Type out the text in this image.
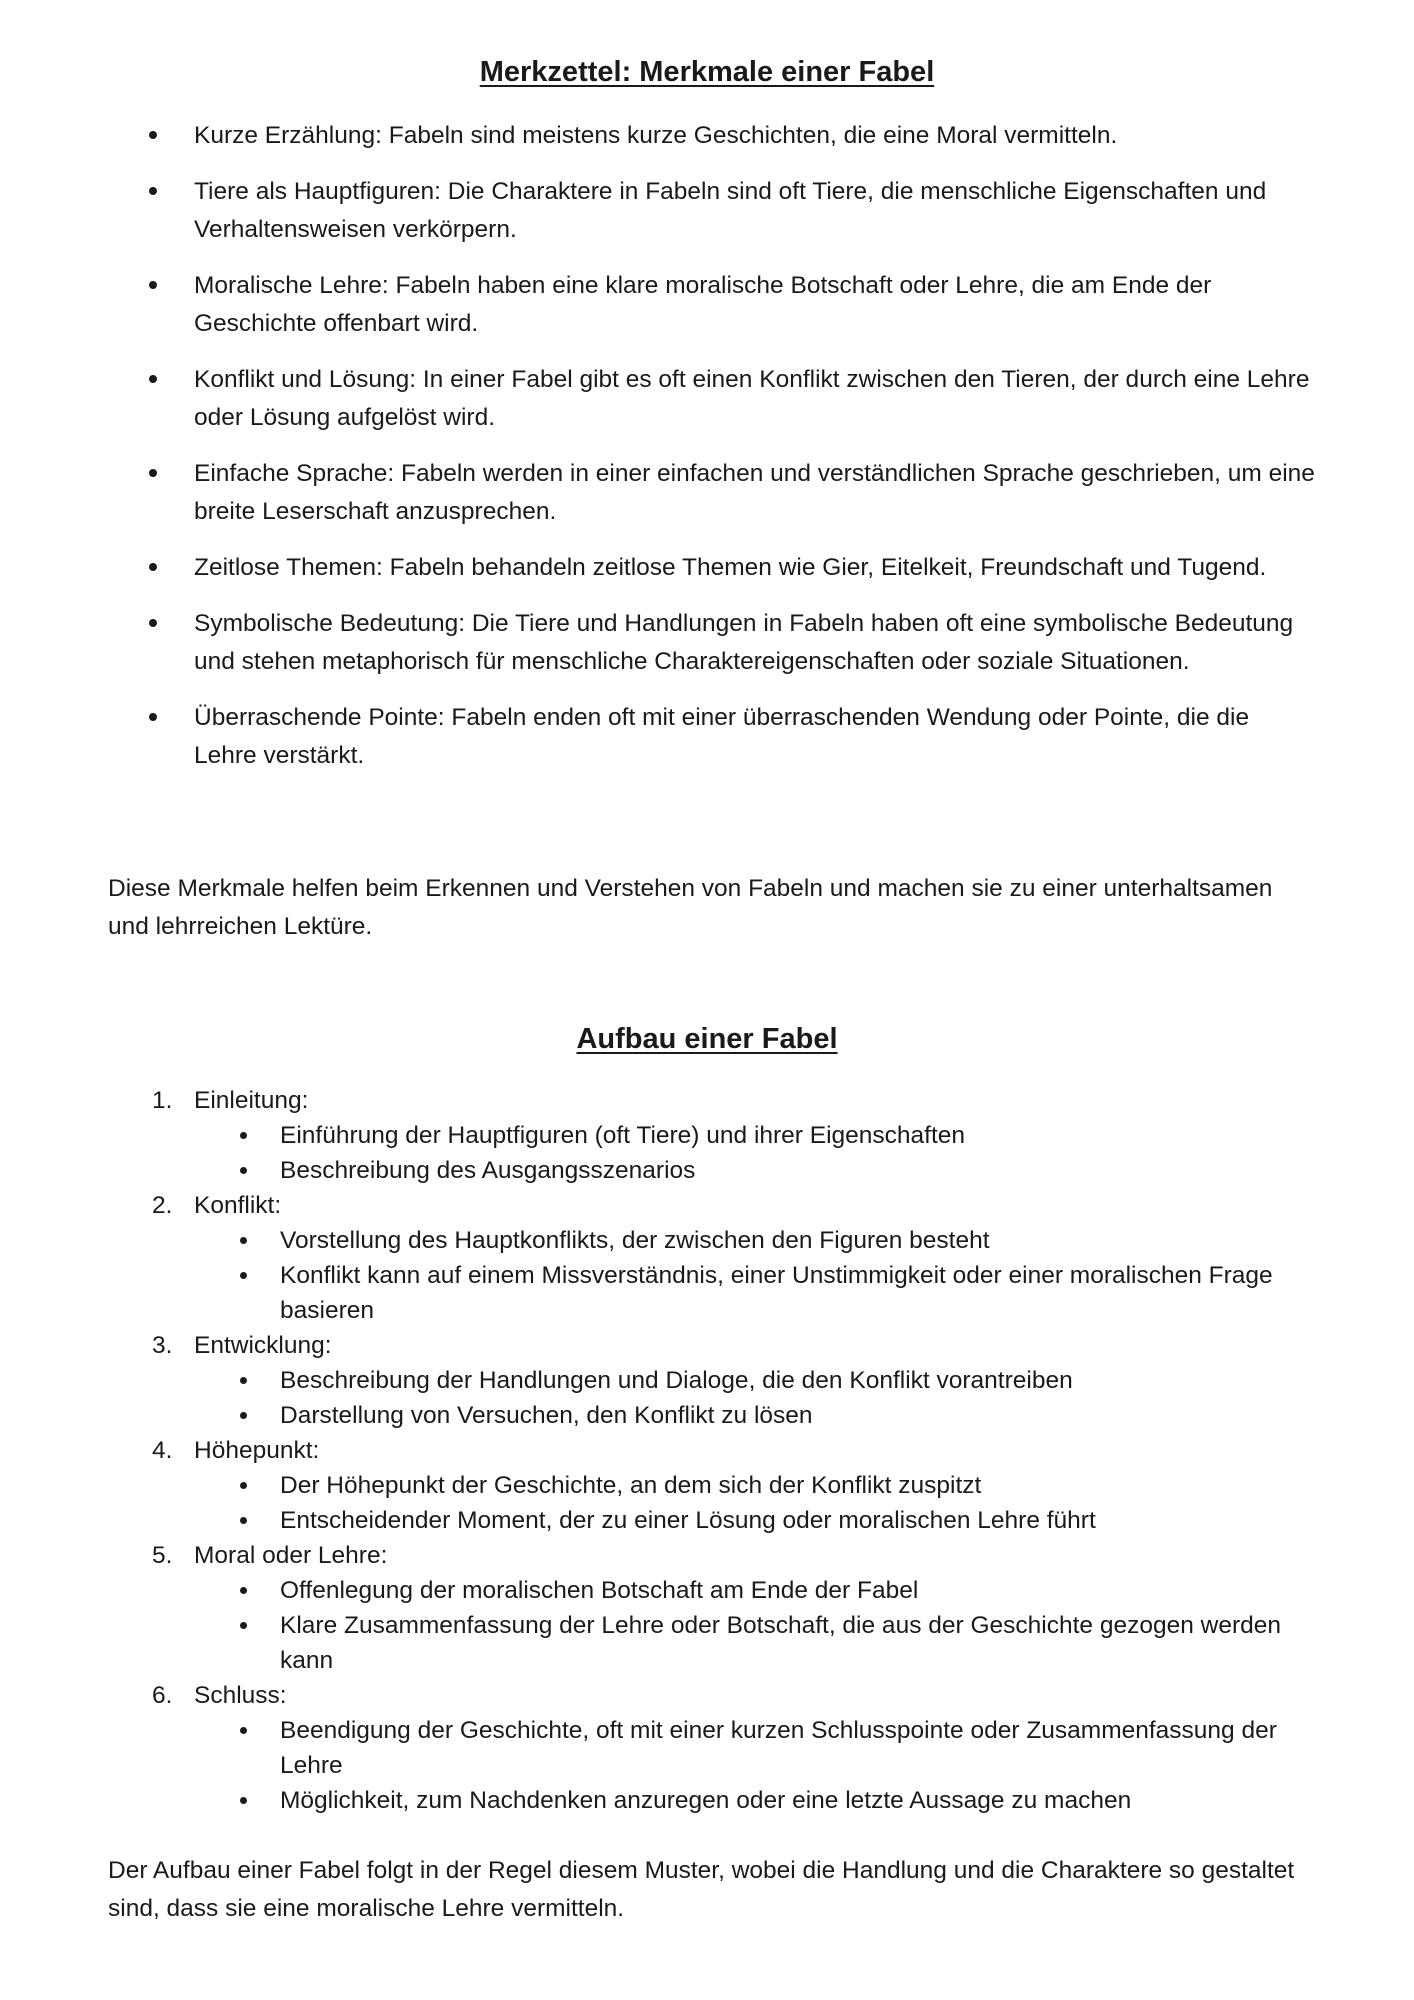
Merkzettel: Merkmale einer Fabel
Kurze Erzählung: Fabeln sind meistens kurze Geschichten, die eine Moral vermitteln.
Tiere als Hauptfiguren: Die Charaktere in Fabeln sind oft Tiere, die menschliche Eigenschaften und Verhaltensweisen verkörpern.
Moralische Lehre: Fabeln haben eine klare moralische Botschaft oder Lehre, die am Ende der Geschichte offenbart wird.
Konflikt und Lösung: In einer Fabel gibt es oft einen Konflikt zwischen den Tieren, der durch eine Lehre oder Lösung aufgelöst wird.
Einfache Sprache: Fabeln werden in einer einfachen und verständlichen Sprache geschrieben, um eine breite Leserschaft anzusprechen.
Zeitlose Themen: Fabeln behandeln zeitlose Themen wie Gier, Eitelkeit, Freundschaft und Tugend.
Symbolische Bedeutung: Die Tiere und Handlungen in Fabeln haben oft eine symbolische Bedeutung und stehen metaphorisch für menschliche Charaktereigenschaften oder soziale Situationen.
Überraschende Pointe: Fabeln enden oft mit einer überraschenden Wendung oder Pointe, die die Lehre verstärkt.

Diese Merkmale helfen beim Erkennen und Verstehen von Fabeln und machen sie zu einer unterhaltsamen und lehrreichen Lektüre.

Aufbau einer Fabel
1. Einleitung:
Einführung der Hauptfiguren (oft Tiere) und ihrer Eigenschaften
Beschreibung des Ausgangsszenarios
2. Konflikt:
Vorstellung des Hauptkonflikts, der zwischen den Figuren besteht
Konflikt kann auf einem Missverständnis, einer Unstimmigkeit oder einer moralischen Frage basieren
3. Entwicklung:
Beschreibung der Handlungen und Dialoge, die den Konflikt vorantreiben
Darstellung von Versuchen, den Konflikt zu lösen
4. Höhepunkt:
Der Höhepunkt der Geschichte, an dem sich der Konflikt zuspitzt
Entscheidender Moment, der zu einer Lösung oder moralischen Lehre führt
5. Moral oder Lehre:
Offenlegung der moralischen Botschaft am Ende der Fabel
Klare Zusammenfassung der Lehre oder Botschaft, die aus der Geschichte gezogen werden kann
6. Schluss:
Beendigung der Geschichte, oft mit einer kurzen Schlusspointe oder Zusammenfassung der Lehre
Möglichkeit, zum Nachdenken anzuregen oder eine letzte Aussage zu machen

Der Aufbau einer Fabel folgt in der Regel diesem Muster, wobei die Handlung und die Charaktere so gestaltet sind, dass sie eine moralische Lehre vermitteln.
